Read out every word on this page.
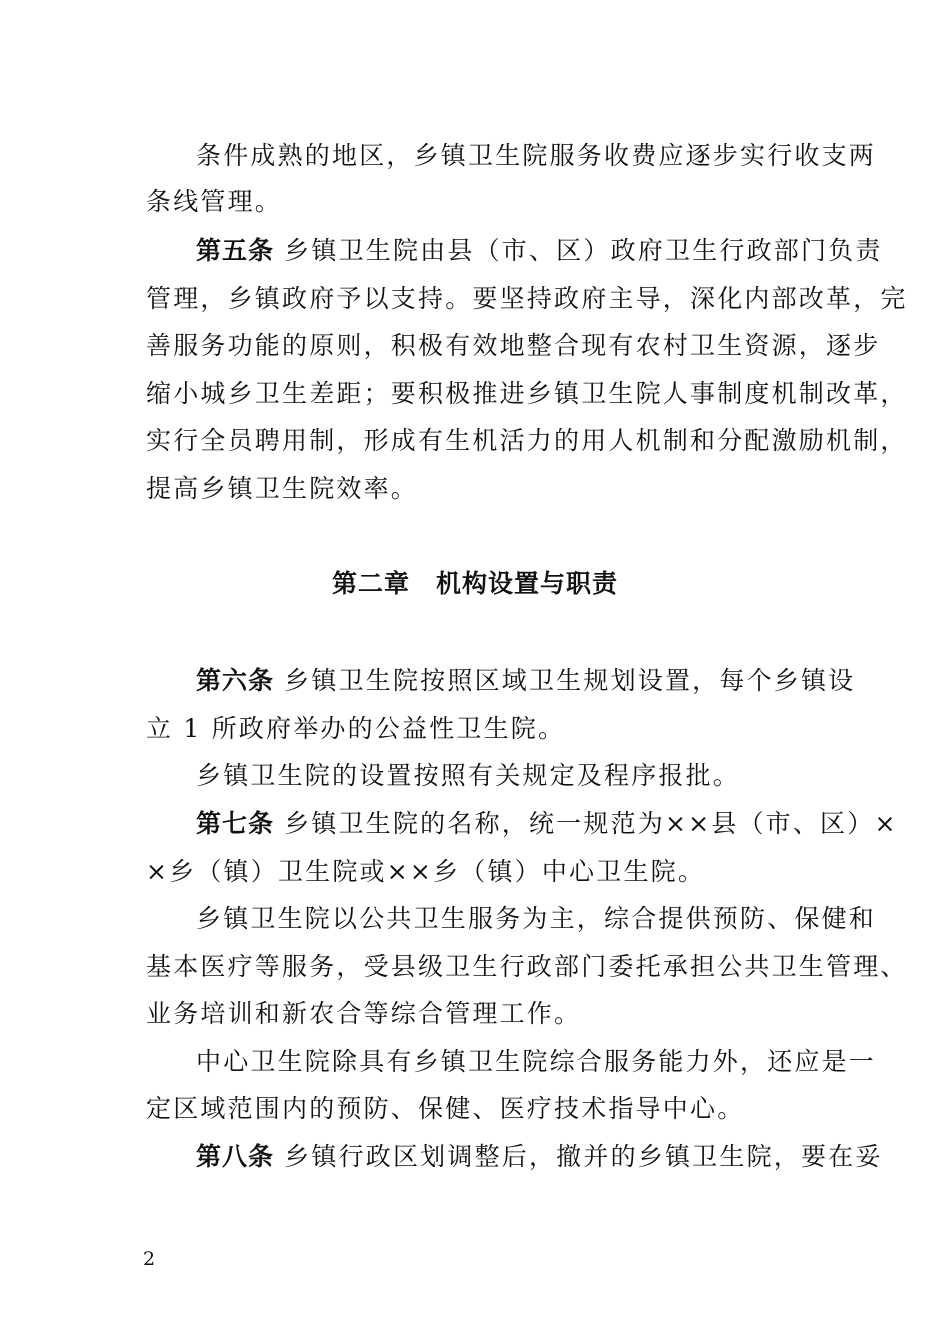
条件成熟的地区，乡镇卫生院服务收费应逐步实行收支两
条线管理。
第五条 乡镇卫生院由县（市、区）政府卫生行政部门负责
管理，乡镇政府予以支持。要坚持政府主导，深化内部改革，完
善服务功能的原则，积极有效地整合现有农村卫生资源，逐步
缩小城乡卫生差距；要积极推进乡镇卫生院人事制度机制改革，
实行全员聘用制，形成有生机活力的用人机制和分配激励机制，
提高乡镇卫生院效率。
第二章　机构设置与职责
第六条 乡镇卫生院按照区域卫生规划设置，每个乡镇设
立 1 所政府举办的公益性卫生院。
乡镇卫生院的设置按照有关规定及程序报批。
第七条 乡镇卫生院的名称，统一规范为××县（市、区）×
×乡（镇）卫生院或××乡（镇）中心卫生院。
乡镇卫生院以公共卫生服务为主，综合提供预防、保健和
基本医疗等服务，受县级卫生行政部门委托承担公共卫生管理、
业务培训和新农合等综合管理工作。
中心卫生院除具有乡镇卫生院综合服务能力外，还应是一
定区域范围内的预防、保健、医疗技术指导中心。
第八条 乡镇行政区划调整后，撤并的乡镇卫生院，要在妥
2
